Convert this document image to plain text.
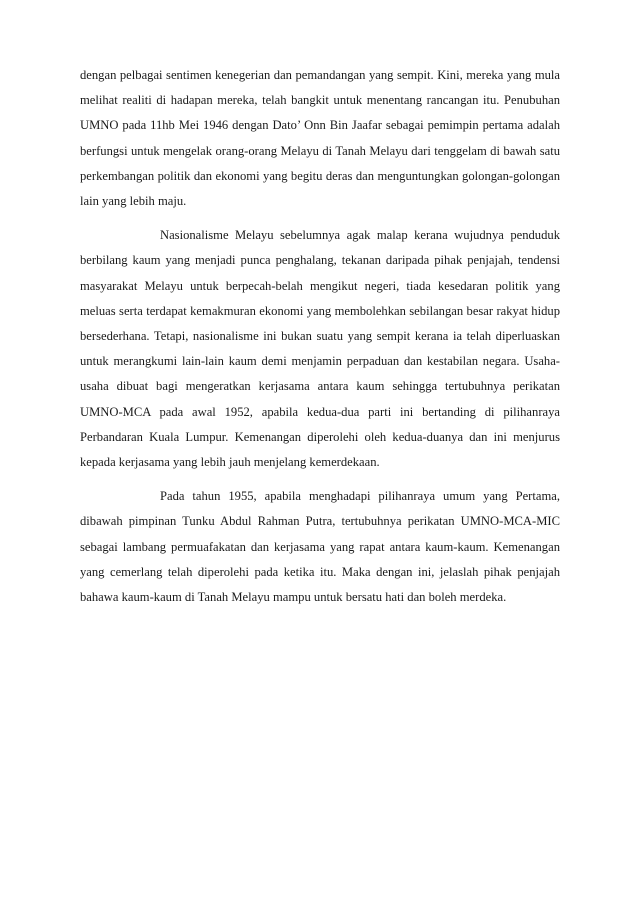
dengan pelbagai sentimen kenegerian dan pemandangan yang sempit. Kini, mereka yang mula melihat realiti di hadapan mereka, telah bangkit untuk menentang rancangan itu. Penubuhan UMNO pada 11hb Mei 1946 dengan Dato’ Onn Bin Jaafar sebagai pemimpin pertama adalah berfungsi untuk mengelak orang-orang Melayu di Tanah Melayu dari tenggelam di bawah satu perkembangan politik dan ekonomi yang begitu deras dan menguntungkan golongan-golongan lain yang lebih maju.

Nasionalisme Melayu sebelumnya agak malap kerana wujudnya penduduk berbilang kaum yang menjadi punca penghalang, tekanan daripada pihak penjajah, tendensi masyarakat Melayu untuk berpecah-belah mengikut negeri, tiada kesedaran politik yang meluas serta terdapat kemakmuran ekonomi yang membolehkan sebilangan besar rakyat hidup bersederhana. Tetapi, nasionalisme ini bukan suatu yang sempit kerana ia telah diperluaskan untuk merangkumi lain-lain kaum demi menjamin perpaduan dan kestabilan negara. Usaha-usaha dibuat bagi mengeratkan kerjasama antara kaum sehingga tertubuhnya perikatan UMNO-MCA pada awal 1952, apabila kedua-dua parti ini bertanding di pilihanraya Perbandaran Kuala Lumpur. Kemenangan diperolehi oleh kedua-duanya dan ini menjurus kepada kerjasama yang lebih jauh menjelang kemerdekaan.

Pada tahun 1955, apabila menghadapi pilihanraya umum yang Pertama, dibawah pimpinan Tunku Abdul Rahman Putra, tertubuhnya perikatan UMNO-MCA-MIC sebagai lambang permuafakatan dan kerjasama yang rapat antara kaum-kaum. Kemenangan yang cemerlang telah diperolehi pada ketika itu. Maka dengan ini, jelaslah pihak penjajah bahawa kaum-kaum di Tanah Melayu mampu untuk bersatu hati dan boleh merdeka.
